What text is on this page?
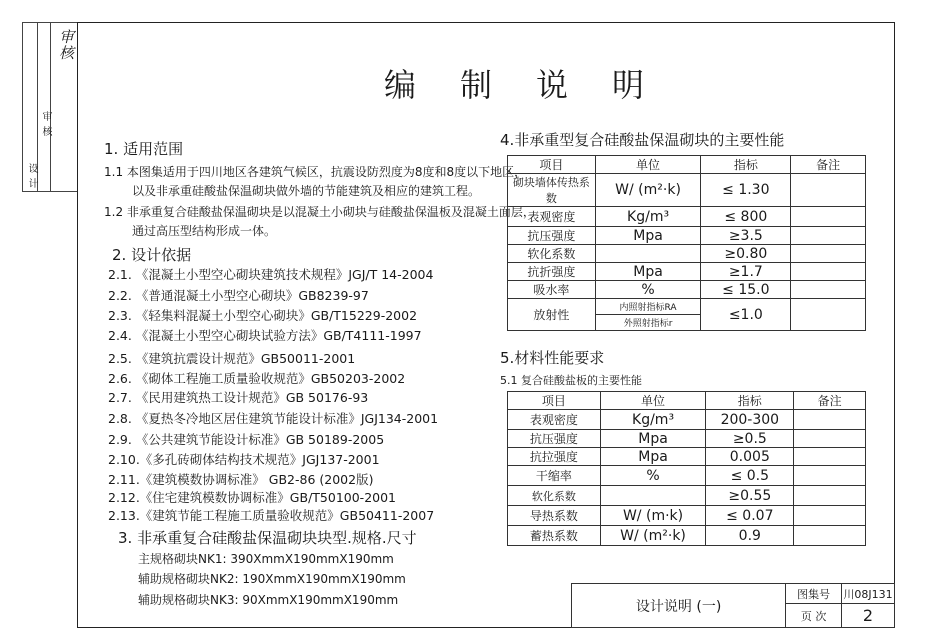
审核
审 核
设 计
编 制 说 明
1. 适用范围
1.1 本图集适用于四川地区各建筑气候区，抗震设防烈度为8度和8度以下地区，
以及非承重硅酸盐保温砌块做外墙的节能建筑及相应的建筑工程。
1.2 非承重复合硅酸盐保温砌块是以混凝土小砌块与硅酸盐保温板及混凝土面层，
通过高压型结构形成一体。
2. 设计依据
2.1. 《混凝土小型空心砌块建筑技术规程》JGJ/T 14-2004
2.2. 《普通混凝土小型空心砌块》GB8239-97
2.3. 《轻集料混凝土小型空心砌块》GB/T15229-2002
2.4. 《混凝土小型空心砌块试验方法》GB/T4111-1997
2.5. 《建筑抗震设计规范》GB50011-2001
2.6. 《砌体工程施工质量验收规范》GB50203-2002
2.7. 《民用建筑热工设计规范》GB 50176-93
2.8. 《夏热冬冷地区居住建筑节能设计标准》JGJ134-2001
2.9. 《公共建筑节能设计标准》GB 50189-2005
2.10.《多孔砖砌体结构技术规范》JGJ137-2001
2.11.《建筑模数协调标准》 GB2-86 (2002版)
2.12.《住宅建筑模数协调标准》GB/T50100-2001
2.13.《建筑节能工程施工质量验收规范》GB50411-2007
3. 非承重复合硅酸盐保温砌块块型.规格.尺寸
主规格砌块NK1: 390XmmX190mmX190mm
辅助规格砌块NK2: 190XmmX190mmX190mm
辅助规格砌块NK3: 90XmmX190mmX190mm
4.非承重型复合硅酸盐保温砌块的主要性能
项目	单位	指标	备注
砌块墙体传热系数	W/ (m²·k)	≤ 1.30	
表观密度	Kg/m³	≤ 800	
抗压强度	Mpa	≥3.5	
软化系数		≥0.80	
抗折强度	Mpa	≥1.7	
吸水率	%	≤ 15.0	
放射性	内照射指标RA	≤1.0	
	外照射指标r		
5.材料性能要求
5.1 复合硅酸盐板的主要性能
项目	单位	指标	备注
表观密度	Kg/m³	200-300	
抗压强度	Mpa	≥0.5	
抗拉强度	Mpa	0.005	
干缩率	%	≤ 0.5	
软化系数		≥0.55	
导热系数	W/ (m·k)	≤ 0.07	
蓄热系数	W/ (m²·k)	0.9	
设计说明 (一)	图集号	川08J131
	页 次	2
